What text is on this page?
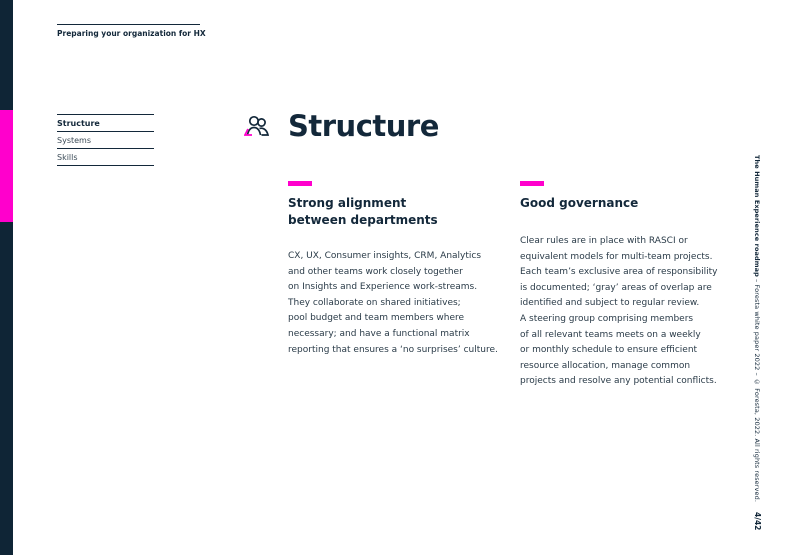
Preparing your organization for HX
Structure
Systems
Skills
Structure
Strong alignment
between departments

CX, UX, Consumer insights, CRM, Analytics
and other teams work closely together
on Insights and Experience work-streams.
They collaborate on shared initiatives;
pool budget and team members where
necessary; and have a functional matrix
reporting that ensures a ‘no surprises’ culture.

Good governance

Clear rules are in place with RASCI or
equivalent models for multi-team projects.
Each team’s exclusive area of responsibility
is documented; ‘gray’ areas of overlap are
identified and subject to regular review.
A steering group comprising members
of all relevant teams meets on a weekly
or monthly schedule to ensure efficient
resource allocation, manage common
projects and resolve any potential conflicts.

The Human Experience roadmap – Foresta white paper 2022 – © Foresta, 2022. All rights reserved.
4/42
